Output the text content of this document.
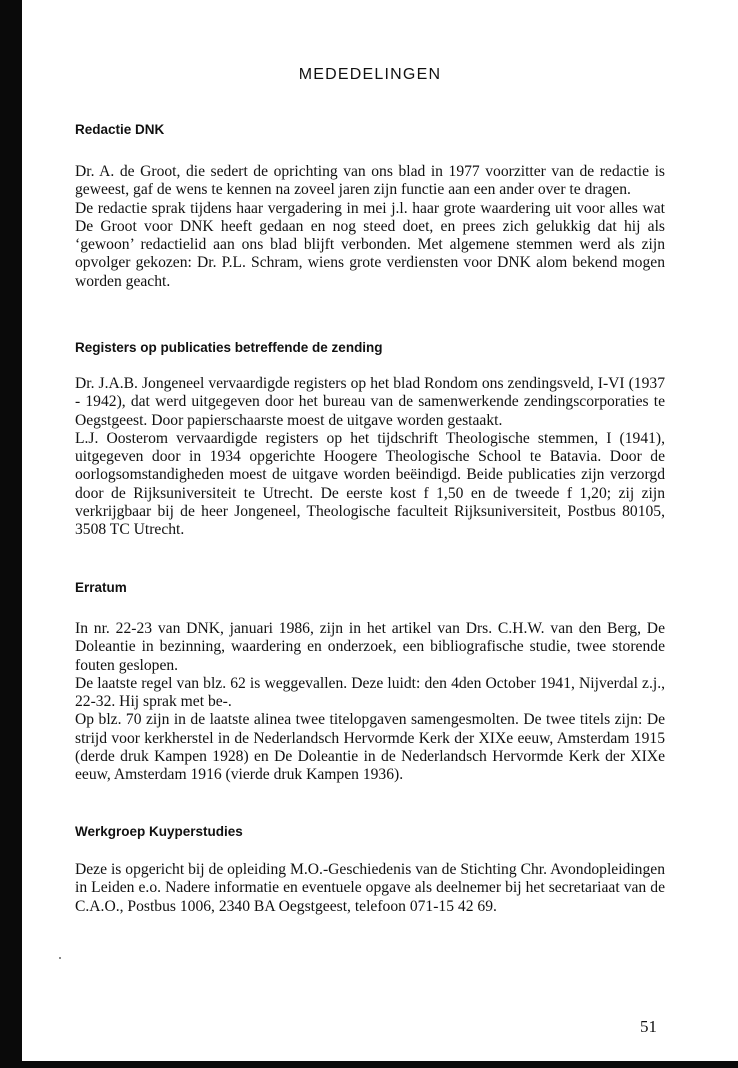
MEDEDELINGEN
Redactie DNK

Dr. A. de Groot, die sedert de oprichting van ons blad in 1977 voorzitter van de redactie is geweest, gaf de wens te kennen na zoveel jaren zijn functie aan een ander over te dragen.

De redactie sprak tijdens haar vergadering in mei j.l. haar grote waardering uit voor alles wat De Groot voor DNK heeft gedaan en nog steed doet, en prees zich gelukkig dat hij als ‘gewoon’ redactielid aan ons blad blijft verbonden. Met algemene stemmen werd als zijn opvolger gekozen: Dr. P.L. Schram, wiens grote verdiensten voor DNK alom bekend mogen worden geacht.

Registers op publicaties betreffende de zending

Dr. J.A.B. Jongeneel vervaardigde registers op het blad Rondom ons zendingsveld, I-VI (1937 - 1942), dat werd uitgegeven door het bureau van de samenwerkende zendingscorporaties te Oegstgeest. Door papierschaarste moest de uitgave worden gestaakt.

L.J. Oosterom vervaardigde registers op het tijdschrift Theologische stemmen, I (1941), uitgegeven door in 1934 opgerichte Hoogere Theologische School te Batavia. Door de oorlogsomstandigheden moest de uitgave worden beëindigd. Beide publicaties zijn verzorgd door de Rijksuniversiteit te Utrecht. De eerste kost f 1,50 en de tweede f 1,20; zij zijn verkrijgbaar bij de heer Jongeneel, Theologische faculteit Rijksuniversiteit, Postbus 80105, 3508 TC Utrecht.

Erratum

In nr. 22-23 van DNK, januari 1986, zijn in het artikel van Drs. C.H.W. van den Berg, De Doleantie in bezinning, waardering en onderzoek, een bibliografische studie, twee storende fouten geslopen.

De laatste regel van blz. 62 is weggevallen. Deze luidt: den 4den October 1941, Nijverdal z.j., 22-32. Hij sprak met be-.

Op blz. 70 zijn in de laatste alinea twee titelopgaven samengesmolten. De twee titels zijn: De strijd voor kerkherstel in de Nederlandsch Hervormde Kerk der XIXe eeuw, Amsterdam 1915 (derde druk Kampen 1928) en De Doleantie in de Nederlandsch Hervormde Kerk der XIXe eeuw, Amsterdam 1916 (vierde druk Kampen 1936).

Werkgroep Kuyperstudies

Deze is opgericht bij de opleiding M.O.-Geschiedenis van de Stichting Chr. Avondopleidingen in Leiden e.o. Nadere informatie en eventuele opgave als deelnemer bij het secretariaat van de C.A.O., Postbus 1006, 2340 BA Oegstgeest, telefoon 071-15 42 69.

51
